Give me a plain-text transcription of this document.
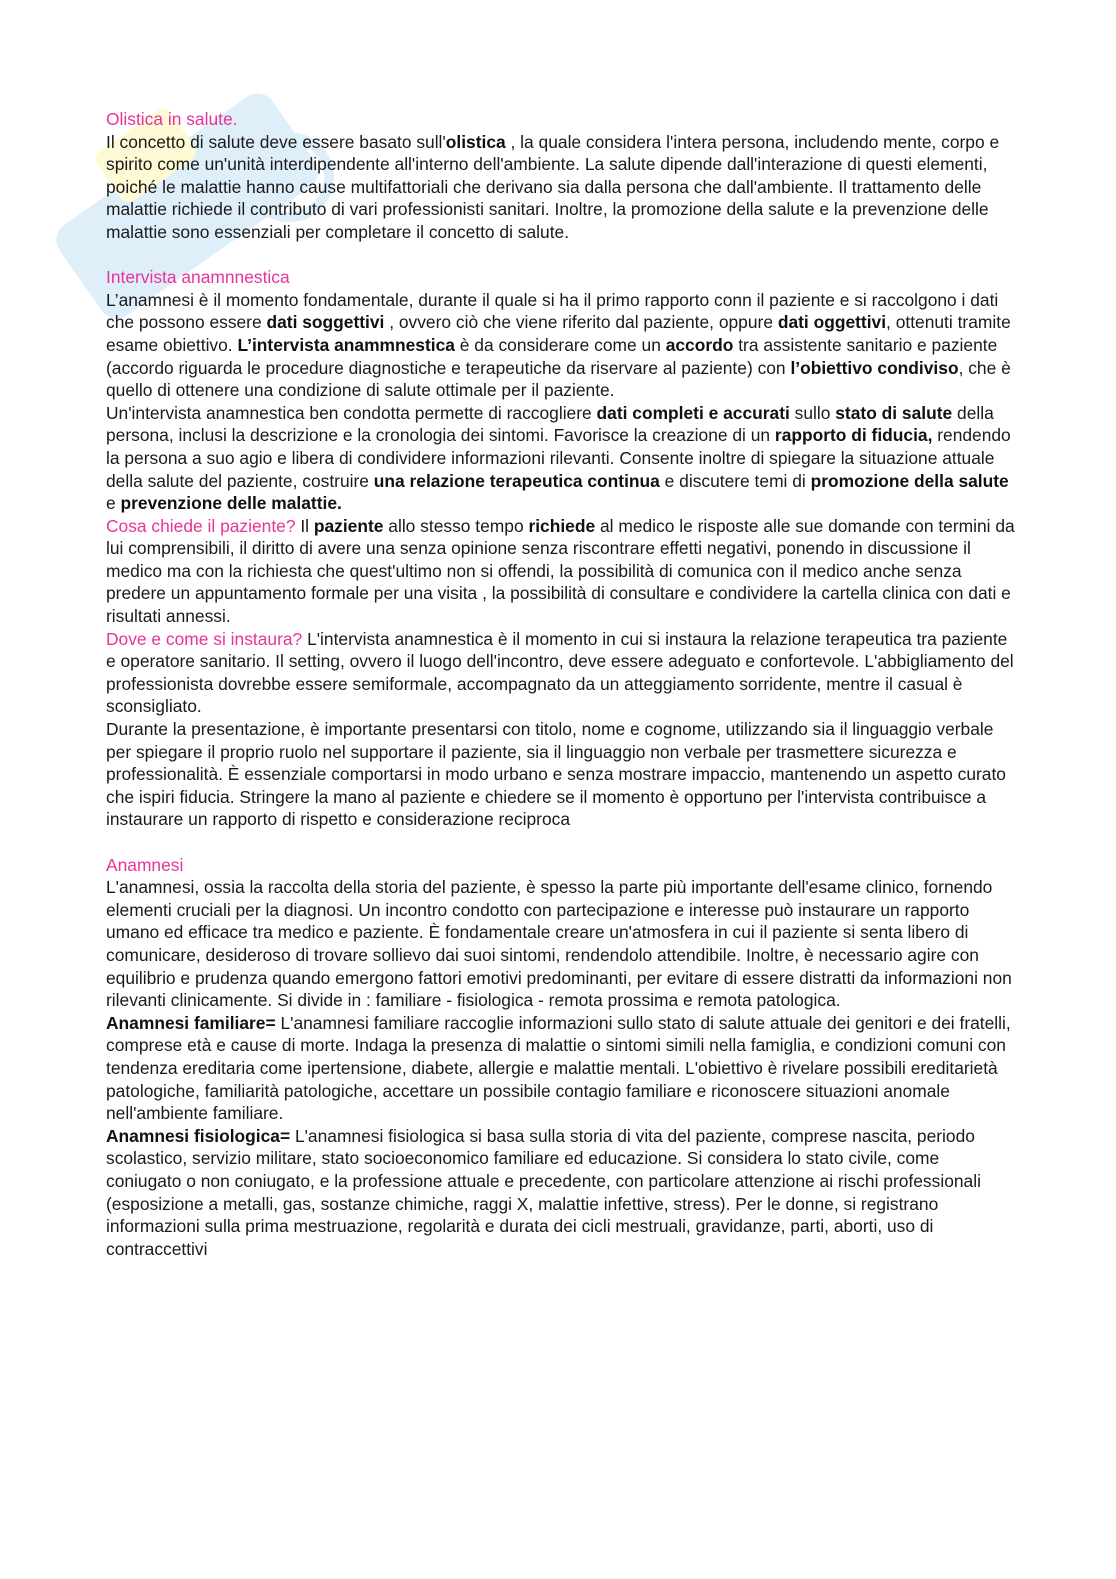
Olistica in salute.

Il concetto di salute deve essere basato sull'olistica , la quale considera l'intera persona, includendo mente, corpo e spirito come un'unità interdipendente all'interno dell'ambiente. La salute dipende dall'interazione di questi elementi, poiché le malattie hanno cause multifattoriali che derivano sia dalla persona che dall'ambiente. Il trattamento delle malattie richiede il contributo di vari professionisti sanitari. Inoltre, la promozione della salute e la prevenzione delle malattie sono essenziali per completare il concetto di salute.

Intervista anamnnestica

L’anamnesi è il momento fondamentale, durante il quale si ha il primo rapporto conn il paziente e si raccolgono i dati che possono essere dati soggettivi , ovvero ciò che viene riferito dal paziente, oppure dati oggettivi, ottenuti tramite esame obiettivo. L’intervista anammnestica è da considerare come un accordo tra assistente sanitario e paziente (accordo riguarda le procedure diagnostiche e terapeutiche da riservare al paziente) con l’obiettivo condiviso, che è quello di ottenere una condizione di salute ottimale per il paziente.

Un'intervista anamnestica ben condotta permette di raccogliere dati completi e accurati sullo stato di salute della persona, inclusi la descrizione e la cronologia dei sintomi. Favorisce la creazione di un rapporto di fiducia, rendendo la persona a suo agio e libera di condividere informazioni rilevanti. Consente inoltre di spiegare la situazione attuale della salute del paziente, costruire una relazione terapeutica continua e discutere temi di promozione della salute e prevenzione delle malattie.

Cosa chiede il paziente? Il paziente allo stesso tempo richiede al medico le risposte alle sue domande con termini da lui comprensibili, il diritto di avere una senza opinione senza riscontrare effetti negativi, ponendo in discussione il medico ma con la richiesta che quest'ultimo non si offendi, la possibilità di comunica con il medico anche senza predere un appuntamento formale per una visita , la possibilità di consultare e condividere la cartella clinica con dati e risultati annessi.

Dove e come si instaura? L'intervista anamnestica è il momento in cui si instaura la relazione terapeutica tra paziente e operatore sanitario. Il setting, ovvero il luogo dell'incontro, deve essere adeguato e confortevole. L'abbigliamento del professionista dovrebbe essere semiformale, accompagnato da un atteggiamento sorridente, mentre il casual è sconsigliato.

Durante la presentazione, è importante presentarsi con titolo, nome e cognome, utilizzando sia il linguaggio verbale per spiegare il proprio ruolo nel supportare il paziente, sia il linguaggio non verbale per trasmettere sicurezza e professionalità. È essenziale comportarsi in modo urbano e senza mostrare impaccio, mantenendo un aspetto curato che ispiri fiducia. Stringere la mano al paziente e chiedere se il momento è opportuno per l'intervista contribuisce a instaurare un rapporto di rispetto e considerazione reciproca

Anamnesi

L'anamnesi, ossia la raccolta della storia del paziente, è spesso la parte più importante dell'esame clinico, fornendo elementi cruciali per la diagnosi. Un incontro condotto con partecipazione e interesse può instaurare un rapporto umano ed efficace tra medico e paziente. È fondamentale creare un'atmosfera in cui il paziente si senta libero di comunicare, desideroso di trovare sollievo dai suoi sintomi, rendendolo attendibile. Inoltre, è necessario agire con equilibrio e prudenza quando emergono fattori emotivi predominanti, per evitare di essere distratti da informazioni non rilevanti clinicamente. Si divide in : familiare - fisiologica - remota prossima e remota patologica.

Anamnesi familiare= L'anamnesi familiare raccoglie informazioni sullo stato di salute attuale dei genitori e dei fratelli, comprese età e cause di morte. Indaga la presenza di malattie o sintomi simili nella famiglia, e condizioni comuni con tendenza ereditaria come ipertensione, diabete, allergie e malattie mentali. L'obiettivo è rivelare possibili ereditarietà patologiche, familiarità patologiche, accettare un possibile contagio familiare e riconoscere situazioni anomale nell'ambiente familiare.

Anamnesi fisiologica= L'anamnesi fisiologica si basa sulla storia di vita del paziente, comprese nascita, periodo scolastico, servizio militare, stato socioeconomico familiare ed educazione. Si considera lo stato civile, come coniugato o non coniugato, e la professione attuale e precedente, con particolare attenzione ai rischi professionali (esposizione a metalli, gas, sostanze chimiche, raggi X, malattie infettive, stress). Per le donne, si registrano informazioni sulla prima mestruazione, regolarità e durata dei cicli mestruali, gravidanze, parti, aborti, uso di contraccettivi
